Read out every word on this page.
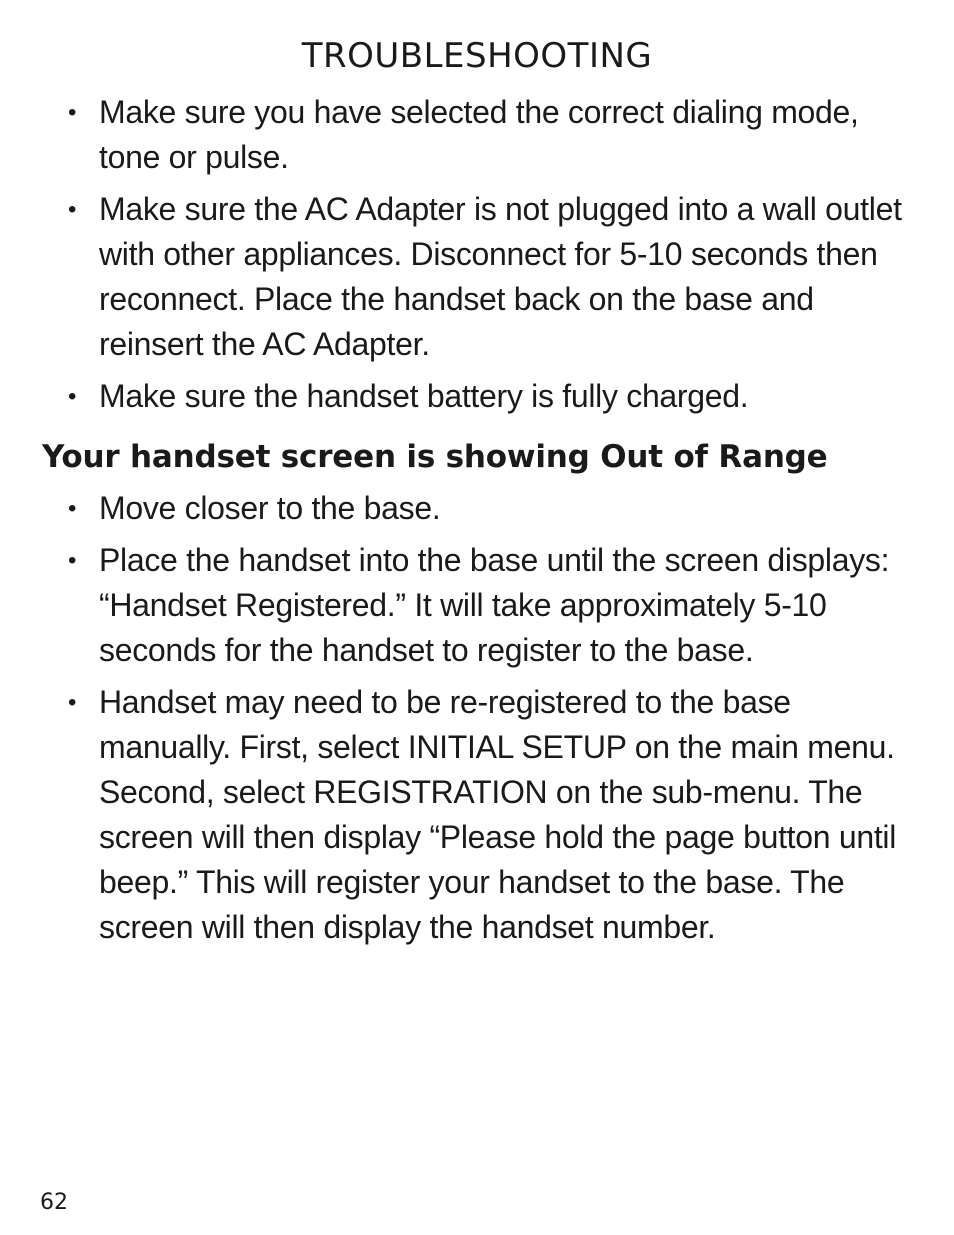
TROUBLESHOOTING
• Make sure you have selected the correct dialing mode, tone or pulse.
• Make sure the AC Adapter is not plugged into a wall outlet with other appliances. Disconnect for 5-10 seconds then reconnect. Place the handset back on the base and reinsert the AC Adapter.
• Make sure the handset battery is fully charged.
Your handset screen is showing Out of Range
• Move closer to the base.
• Place the handset into the base until the screen displays: “Handset Registered.” It will take approximately 5-10 seconds for the handset to register to the base.
• Handset may need to be re-registered to the base manually. First, select INITIAL SETUP on the main menu. Second, select REGISTRATION on the sub-menu. The screen will then display “Please hold the page button until beep.” This will register your handset to the base. The screen will then display the handset number.
62
